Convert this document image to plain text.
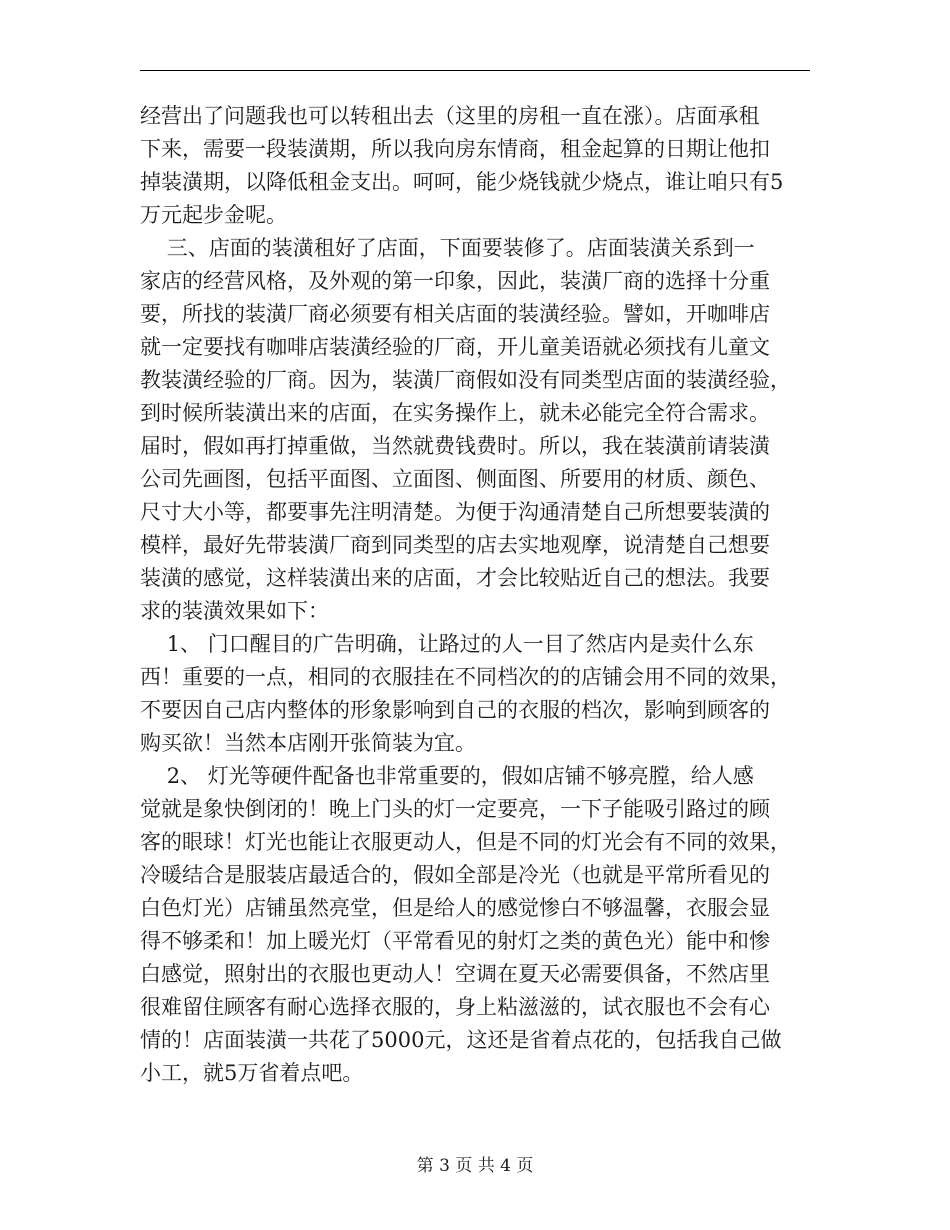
经营出了问题我也可以转租出去（这里的房租一直在涨）。店面承租
下来，需要一段装潢期，所以我向房东情商，租金起算的日期让他扣
掉装潢期，以降低租金支出。呵呵，能少烧钱就少烧点，谁让咱只有5
万元起步金呢。
三、店面的装潢租好了店面，下面要装修了。店面装潢关系到一
家店的经营风格，及外观的第一印象，因此，装潢厂商的选择十分重
要，所找的装潢厂商必须要有相关店面的装潢经验。譬如，开咖啡店
就一定要找有咖啡店装潢经验的厂商，开儿童美语就必须找有儿童文
教装潢经验的厂商。因为，装潢厂商假如没有同类型店面的装潢经验，
到时候所装潢出来的店面，在实务操作上，就未必能完全符合需求。
届时，假如再打掉重做，当然就费钱费时。所以，我在装潢前请装潢
公司先画图，包括平面图、立面图、侧面图、所要用的材质、颜色、
尺寸大小等，都要事先注明清楚。为便于沟通清楚自己所想要装潢的
模样，最好先带装潢厂商到同类型的店去实地观摩，说清楚自己想要
装潢的感觉，这样装潢出来的店面，才会比较贴近自己的想法。我要
求的装潢效果如下：
1、 门口醒目的广告明确，让路过的人一目了然店内是卖什么东
西！重要的一点，相同的衣服挂在不同档次的的店铺会用不同的效果，
不要因自己店内整体的形象影响到自己的衣服的档次，影响到顾客的
购买欲！当然本店刚开张简装为宜。
2、 灯光等硬件配备也非常重要的，假如店铺不够亮膛，给人感
觉就是象快倒闭的！晚上门头的灯一定要亮，一下子能吸引路过的顾
客的眼球！灯光也能让衣服更动人，但是不同的灯光会有不同的效果，
冷暖结合是服装店最适合的，假如全部是冷光（也就是平常所看见的
白色灯光）店铺虽然亮堂，但是给人的感觉惨白不够温馨，衣服会显
得不够柔和！加上暖光灯（平常看见的射灯之类的黄色光）能中和惨
白感觉，照射出的衣服也更动人！空调在夏天必需要俱备，不然店里
很难留住顾客有耐心选择衣服的，身上粘滋滋的，试衣服也不会有心
情的！店面装潢一共花了5000元，这还是省着点花的，包括我自己做
小工，就5万省着点吧。
第 3 页 共 4 页
